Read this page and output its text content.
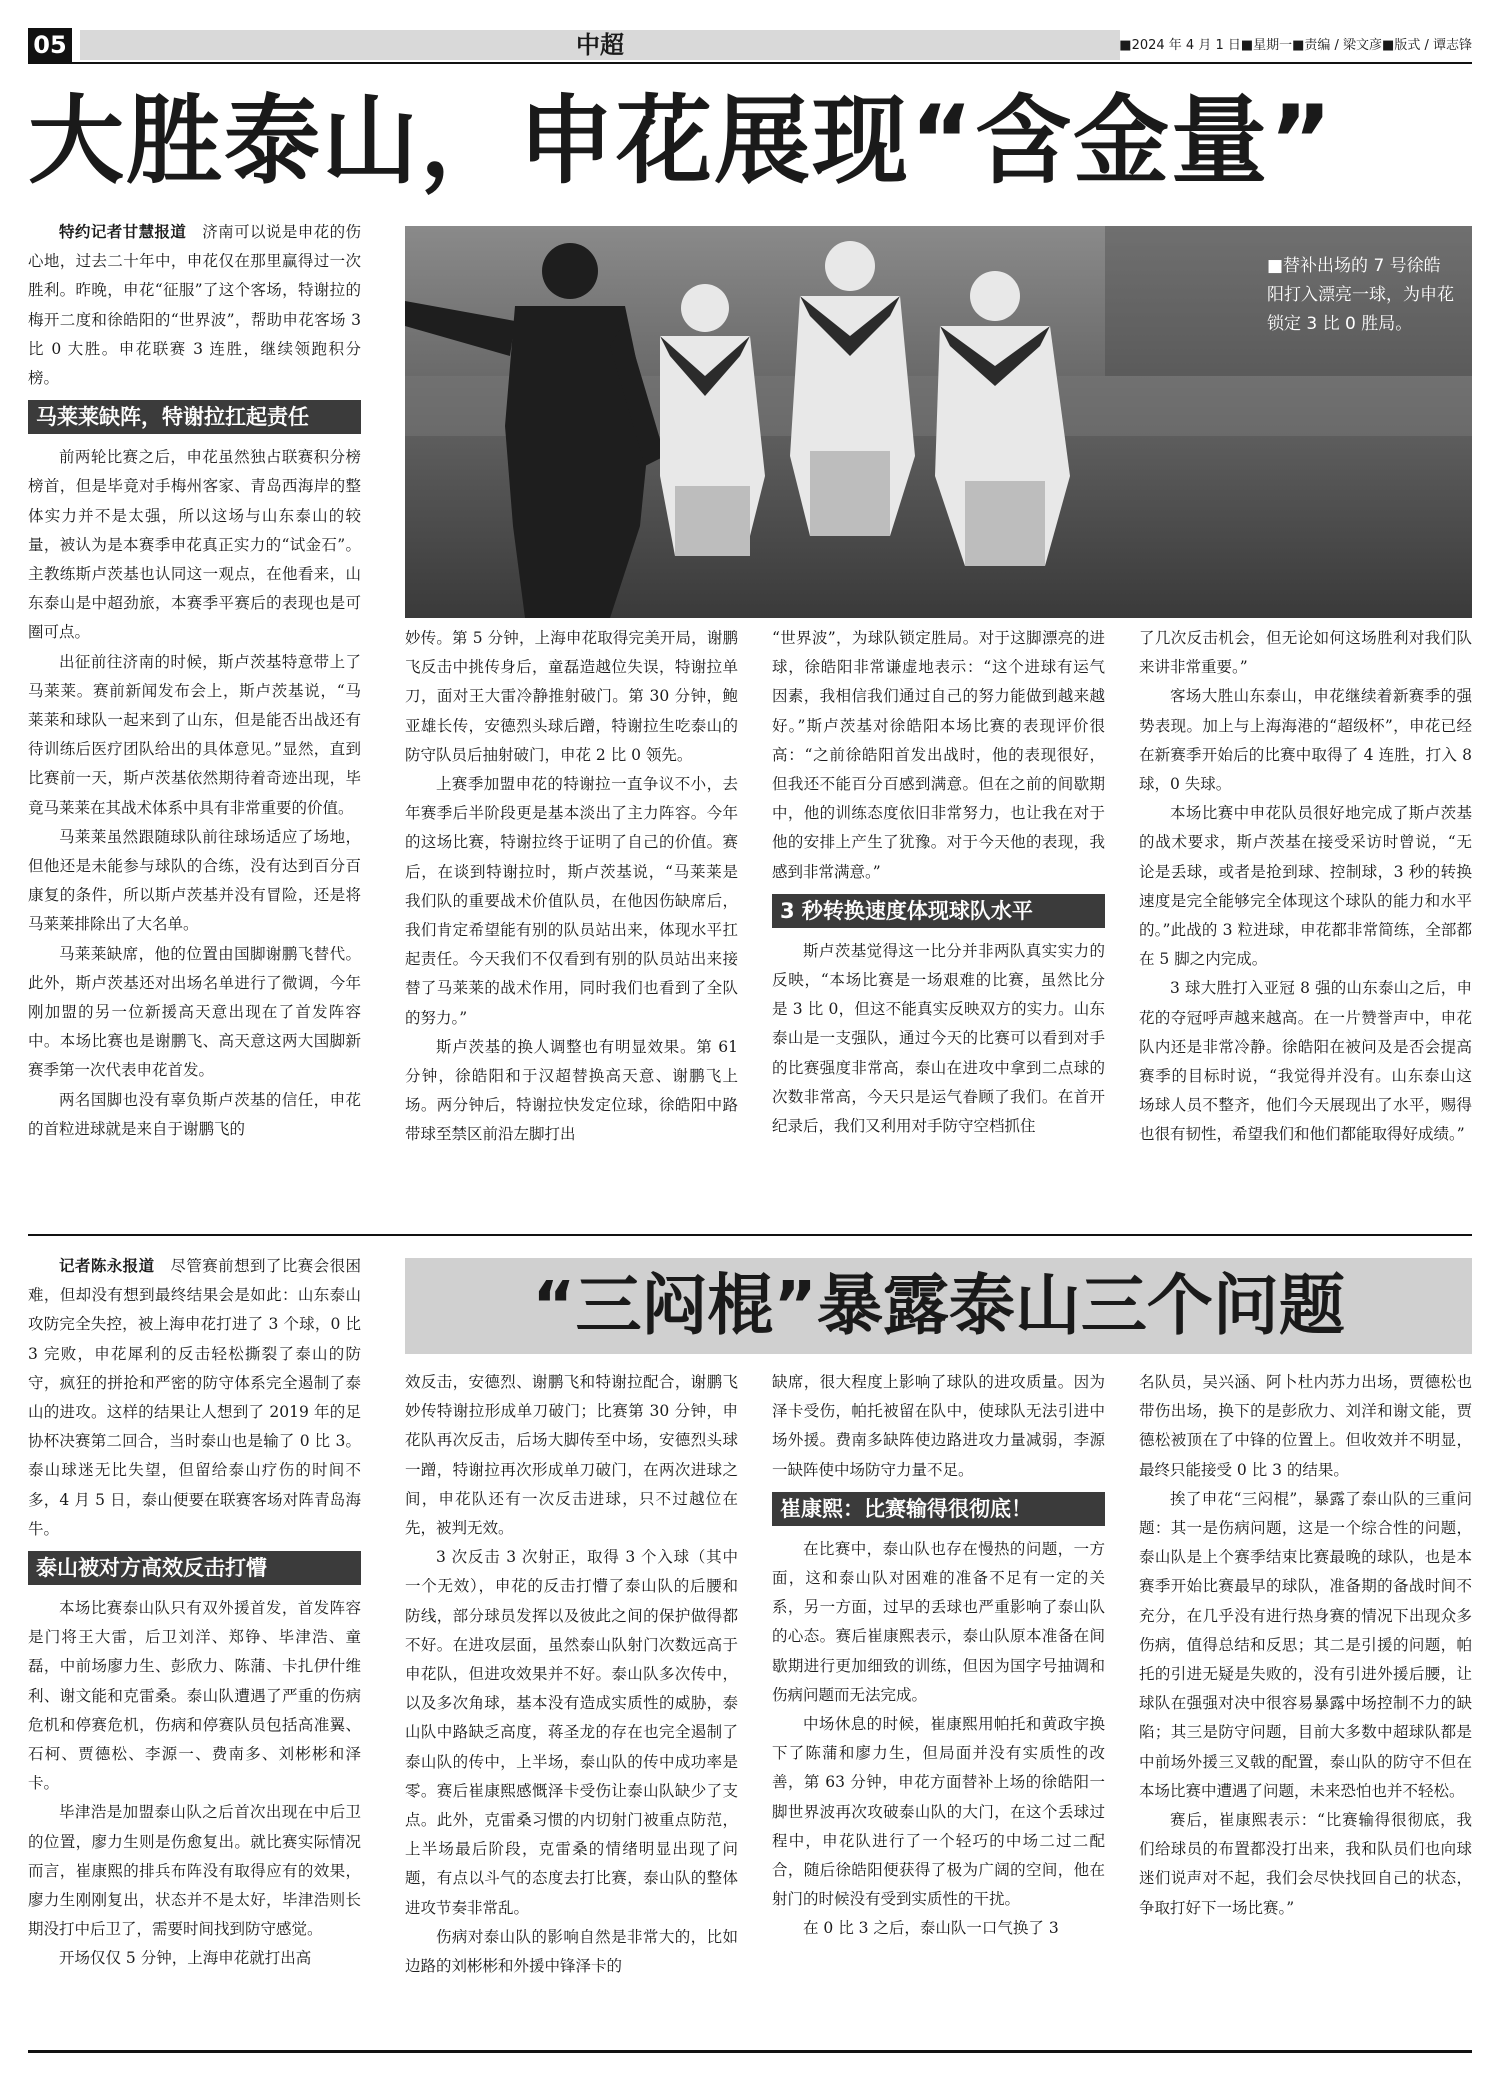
05	中超	■2024 年 4 月 1 日■星期一■责编 / 梁文彦■版式 / 谭志锋
大胜泰山，申花展现“含金量”

特约记者甘慧报道  济南可以说是申花的伤心地，过去二十年中，申花仅在那里赢得过一次胜利。昨晚，申花“征服”了这个客场，特谢拉的梅开二度和徐皓阳的“世界波”，帮助申花客场 3 比 0 大胜。申花联赛 3 连胜，继续领跑积分榜。

马莱莱缺阵，特谢拉扛起责任

前两轮比赛之后，申花虽然独占联赛积分榜榜首，但是毕竟对手梅州客家、青岛西海岸的整体实力并不是太强，所以这场与山东泰山的较量，被认为是本赛季申花真正实力的“试金石”。主教练斯卢茨基也认同这一观点，在他看来，山东泰山是中超劲旅，本赛季平赛后的表现也是可圈可点。

出征前往济南的时候，斯卢茨基特意带上了马莱莱。赛前新闻发布会上，斯卢茨基说，“马莱莱和球队一起来到了山东，但是能否出战还有待训练后医疗团队给出的具体意见。”显然，直到比赛前一天，斯卢茨基依然期待着奇迹出现，毕竟马莱莱在其战术体系中具有非常重要的价值。

马莱莱虽然跟随球队前往球场适应了场地，但他还是未能参与球队的合练，没有达到百分百康复的条件，所以斯卢茨基并没有冒险，还是将马莱莱排除出了大名单。

马莱莱缺席，他的位置由国脚谢鹏飞替代。此外，斯卢茨基还对出场名单进行了微调，今年刚加盟的另一位新援高天意出现在了首发阵容中。本场比赛也是谢鹏飞、高天意这两大国脚新赛季第一次代表申花首发。

两名国脚也没有辜负斯卢茨基的信任，申花的首粒进球就是来自于谢鹏飞的

■替补出场的 7 号徐皓阳打入漂亮一球，为申花锁定 3 比 0 胜局。

妙传。第 5 分钟，上海申花取得完美开局，谢鹏飞反击中挑传身后，童磊造越位失误，特谢拉单刀，面对王大雷冷静推射破门。第 30 分钟，鲍亚雄长传，安德烈头球后蹭，特谢拉生吃泰山的防守队员后抽射破门，申花 2 比 0 领先。

上赛季加盟申花的特谢拉一直争议不小，去年赛季后半阶段更是基本淡出了主力阵容。今年的这场比赛，特谢拉终于证明了自己的价值。赛后，在谈到特谢拉时，斯卢茨基说，“马莱莱是我们队的重要战术价值队员，在他因伤缺席后，我们肯定希望能有别的队员站出来，体现水平扛起责任。今天我们不仅看到有别的队员站出来接替了马莱莱的战术作用，同时我们也看到了全队的努力。”

斯卢茨基的换人调整也有明显效果。第 61 分钟，徐皓阳和于汉超替换高天意、谢鹏飞上场。两分钟后，特谢拉快发定位球，徐皓阳中路带球至禁区前沿左脚打出

“世界波”，为球队锁定胜局。对于这脚漂亮的进球，徐皓阳非常谦虚地表示：“这个进球有运气因素，我相信我们通过自己的努力能做到越来越好。”斯卢茨基对徐皓阳本场比赛的表现评价很高：“之前徐皓阳首发出战时，他的表现很好，但我还不能百分百感到满意。但在之前的间歇期中，他的训练态度依旧非常努力，也让我在对于他的安排上产生了犹豫。对于今天他的表现，我感到非常满意。”

3 秒转换速度体现球队水平

斯卢茨基觉得这一比分并非两队真实实力的反映，“本场比赛是一场艰难的比赛，虽然比分是 3 比 0，但这不能真实反映双方的实力。山东泰山是一支强队，通过今天的比赛可以看到对手的比赛强度非常高，泰山在进攻中拿到二点球的次数非常高，今天只是运气眷顾了我们。在首开纪录后，我们又利用对手防守空档抓住

了几次反击机会，但无论如何这场胜利对我们队来讲非常重要。”

客场大胜山东泰山，申花继续着新赛季的强势表现。加上与上海海港的“超级杯”，申花已经在新赛季开始后的比赛中取得了 4 连胜，打入 8 球，0 失球。

本场比赛中申花队员很好地完成了斯卢茨基的战术要求，斯卢茨基在接受采访时曾说，“无论是丢球，或者是抢到球、控制球，3 秒的转换速度是完全能够完全体现这个球队的能力和水平的。”此战的 3 粒进球，申花都非常简练，全部都在 5 脚之内完成。

3 球大胜打入亚冠 8 强的山东泰山之后，申花的夺冠呼声越来越高。在一片赞誉声中，申花队内还是非常冷静。徐皓阳在被问及是否会提高赛季的目标时说，“我觉得并没有。山东泰山这场球人员不整齐，他们今天展现出了水平，赐得也很有韧性，希望我们和他们都能取得好成绩。”

“三闷棍”暴露泰山三个问题

记者陈永报道  尽管赛前想到了比赛会很困难，但却没有想到最终结果会是如此：山东泰山攻防完全失控，被上海申花打进了 3 个球，0 比 3 完败，申花犀利的反击轻松撕裂了泰山的防守，疯狂的拼抢和严密的防守体系完全遏制了泰山的进攻。这样的结果让人想到了 2019 年的足协杯决赛第二回合，当时泰山也是输了 0 比 3。泰山球迷无比失望，但留给泰山疗伤的时间不多，4 月 5 日，泰山便要在联赛客场对阵青岛海牛。

泰山被对方高效反击打懵

本场比赛泰山队只有双外援首发，首发阵容是门将王大雷，后卫刘洋、郑铮、毕津浩、童磊，中前场廖力生、彭欣力、陈蒲、卡扎伊什维利、谢文能和克雷桑。泰山队遭遇了严重的伤病危机和停赛危机，伤病和停赛队员包括高准翼、石柯、贾德松、李源一、费南多、刘彬彬和泽卡。

毕津浩是加盟泰山队之后首次出现在中后卫的位置，廖力生则是伤愈复出。就比赛实际情况而言，崔康熙的排兵布阵没有取得应有的效果，廖力生刚刚复出，状态并不是太好，毕津浩则长期没打中后卫了，需要时间找到防守感觉。

开场仅仅 5 分钟，上海申花就打出高

效反击，安德烈、谢鹏飞和特谢拉配合，谢鹏飞妙传特谢拉形成单刀破门；比赛第 30 分钟，申花队再次反击，后场大脚传至中场，安德烈头球一蹭，特谢拉再次形成单刀破门，在两次进球之间，申花队还有一次反击进球，只不过越位在先，被判无效。

3 次反击 3 次射正，取得 3 个入球（其中一个无效），申花的反击打懵了泰山队的后腰和防线，部分球员发挥以及彼此之间的保护做得都不好。在进攻层面，虽然泰山队射门次数远高于申花队，但进攻效果并不好。泰山队多次传中，以及多次角球，基本没有造成实质性的威胁，泰山队中路缺乏高度，蒋圣龙的存在也完全遏制了泰山队的传中，上半场，泰山队的传中成功率是零。赛后崔康熙感慨泽卡受伤让泰山队缺少了支点。此外，克雷桑习惯的内切射门被重点防范，上半场最后阶段，克雷桑的情绪明显出现了问题，有点以斗气的态度去打比赛，泰山队的整体进攻节奏非常乱。

伤病对泰山队的影响自然是非常大的，比如边路的刘彬彬和外援中锋泽卡的

缺席，很大程度上影响了球队的进攻质量。因为泽卡受伤，帕托被留在队中，使球队无法引进中场外援。费南多缺阵使边路进攻力量减弱，李源一缺阵使中场防守力量不足。

崔康熙：比赛输得很彻底！

在比赛中，泰山队也存在慢热的问题，一方面，这和泰山队对困难的准备不足有一定的关系，另一方面，过早的丢球也严重影响了泰山队的心态。赛后崔康熙表示，泰山队原本准备在间歇期进行更加细致的训练，但因为国字号抽调和伤病问题而无法完成。

中场休息的时候，崔康熙用帕托和黄政宇换下了陈蒲和廖力生，但局面并没有实质性的改善，第 63 分钟，申花方面替补上场的徐皓阳一脚世界波再次攻破泰山队的大门，在这个丢球过程中，申花队进行了一个轻巧的中场二过二配合，随后徐皓阳便获得了极为广阔的空间，他在射门的时候没有受到实质性的干扰。

在 0 比 3 之后，泰山队一口气换了 3

名队员，吴兴涵、阿卜杜内苏力出场，贾德松也带伤出场，换下的是彭欣力、刘洋和谢文能，贾德松被顶在了中锋的位置上。但收效并不明显，最终只能接受 0 比 3 的结果。

挨了申花“三闷棍”，暴露了泰山队的三重问题：其一是伤病问题，这是一个综合性的问题，泰山队是上个赛季结束比赛最晚的球队，也是本赛季开始比赛最早的球队，准备期的备战时间不充分，在几乎没有进行热身赛的情况下出现众多伤病，值得总结和反思；其二是引援的问题，帕托的引进无疑是失败的，没有引进外援后腰，让球队在强强对决中很容易暴露中场控制不力的缺陷；其三是防守问题，目前大多数中超球队都是中前场外援三叉戟的配置，泰山队的防守不但在本场比赛中遭遇了问题，未来恐怕也并不轻松。

赛后，崔康熙表示：“比赛输得很彻底，我们给球员的布置都没打出来，我和队员们也向球迷们说声对不起，我们会尽快找回自己的状态，争取打好下一场比赛。”
